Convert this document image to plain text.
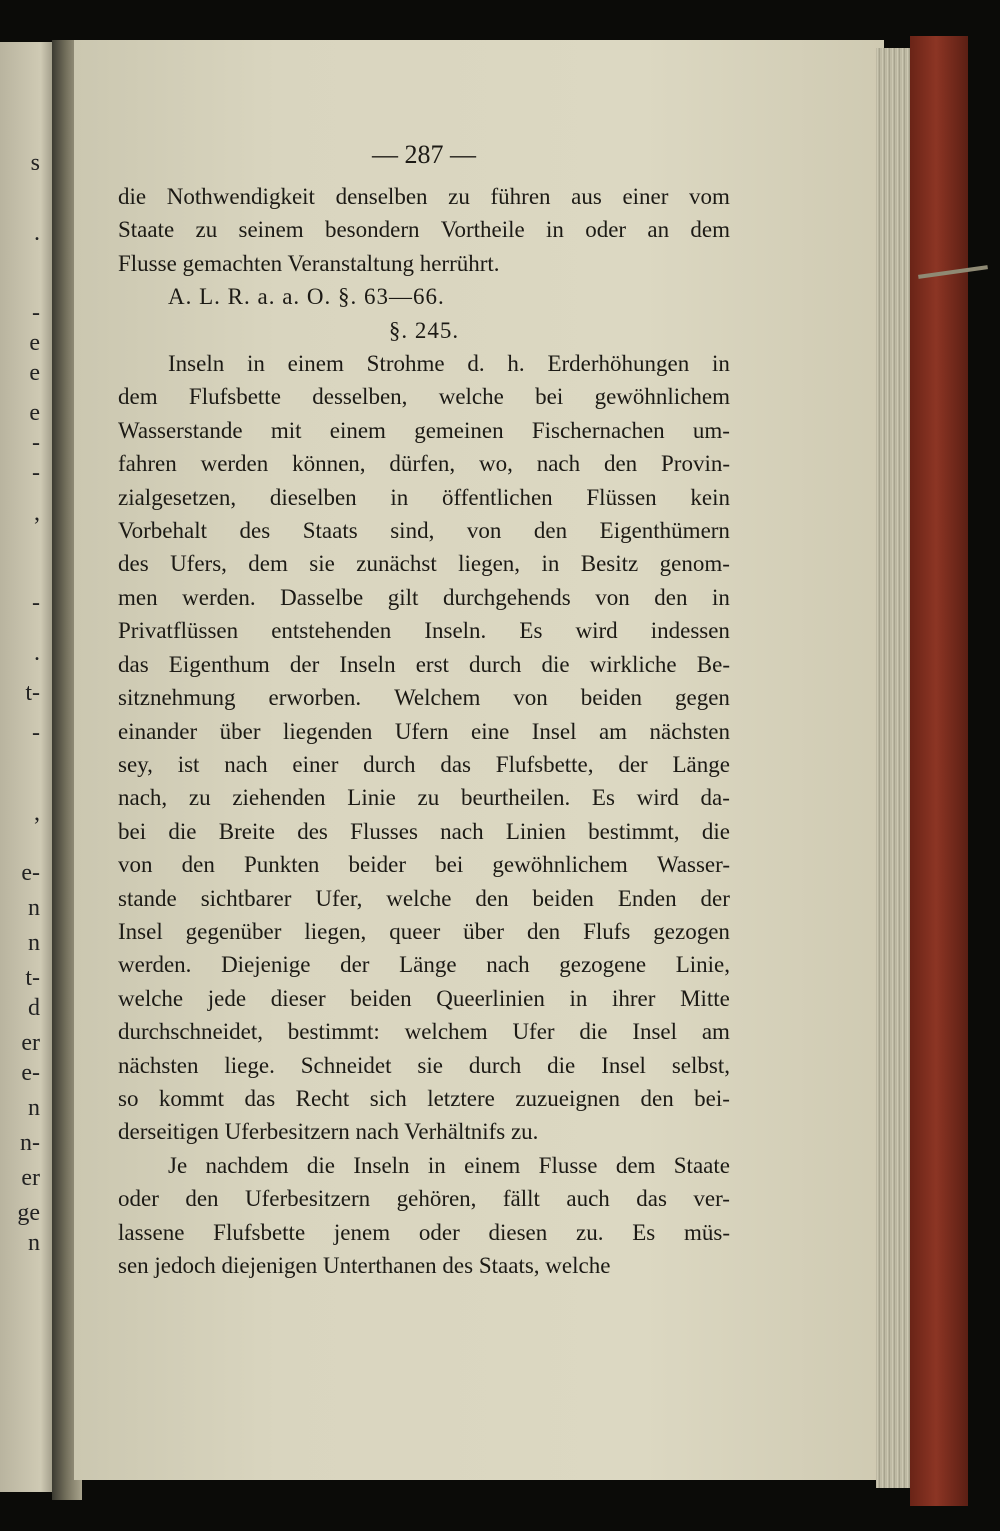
s
.
-
e
e
e
-
-
,
-
.
t-
-
,
e-
n
n
t-
d
er
e-
n
n-
er
ge
n
— 287 —
die Nothwendigkeit denselben zu führen aus einer vom
Staate zu seinem besondern Vortheile in oder an dem
Flusse gemachten Veranstaltung herrührt.
A. L. R. a. a. O. §. 63—66.
§. 245.
Inseln in einem Strohme d. h. Erderhöhungen in
dem Flufsbette desselben, welche bei gewöhnlichem
Wasserstande mit einem gemeinen Fischernachen um-
fahren werden können, dürfen, wo, nach den Provin-
zialgesetzen, dieselben in öffentlichen Flüssen kein
Vorbehalt des Staats sind, von den Eigenthümern
des Ufers, dem sie zunächst liegen, in Besitz genom-
men werden. Dasselbe gilt durchgehends von den in
Privatflüssen entstehenden Inseln. Es wird indessen
das Eigenthum der Inseln erst durch die wirkliche Be-
sitznehmung erworben. Welchem von beiden gegen
einander über liegenden Ufern eine Insel am nächsten
sey, ist nach einer durch das Flufsbette, der Länge
nach, zu ziehenden Linie zu beurtheilen. Es wird da-
bei die Breite des Flusses nach Linien bestimmt, die
von den Punkten beider bei gewöhnlichem Wasser-
stande sichtbarer Ufer, welche den beiden Enden der
Insel gegenüber liegen, queer über den Flufs gezogen
werden. Diejenige der Länge nach gezogene Linie,
welche jede dieser beiden Queerlinien in ihrer Mitte
durchschneidet, bestimmt: welchem Ufer die Insel am
nächsten liege. Schneidet sie durch die Insel selbst,
so kommt das Recht sich letztere zuzueignen den bei-
derseitigen Uferbesitzern nach Verhältnifs zu.
Je nachdem die Inseln in einem Flusse dem Staate
oder den Uferbesitzern gehören, fällt auch das ver-
lassene Flufsbette jenem oder diesen zu. Es müs-
sen jedoch diejenigen Unterthanen des Staats, welche
